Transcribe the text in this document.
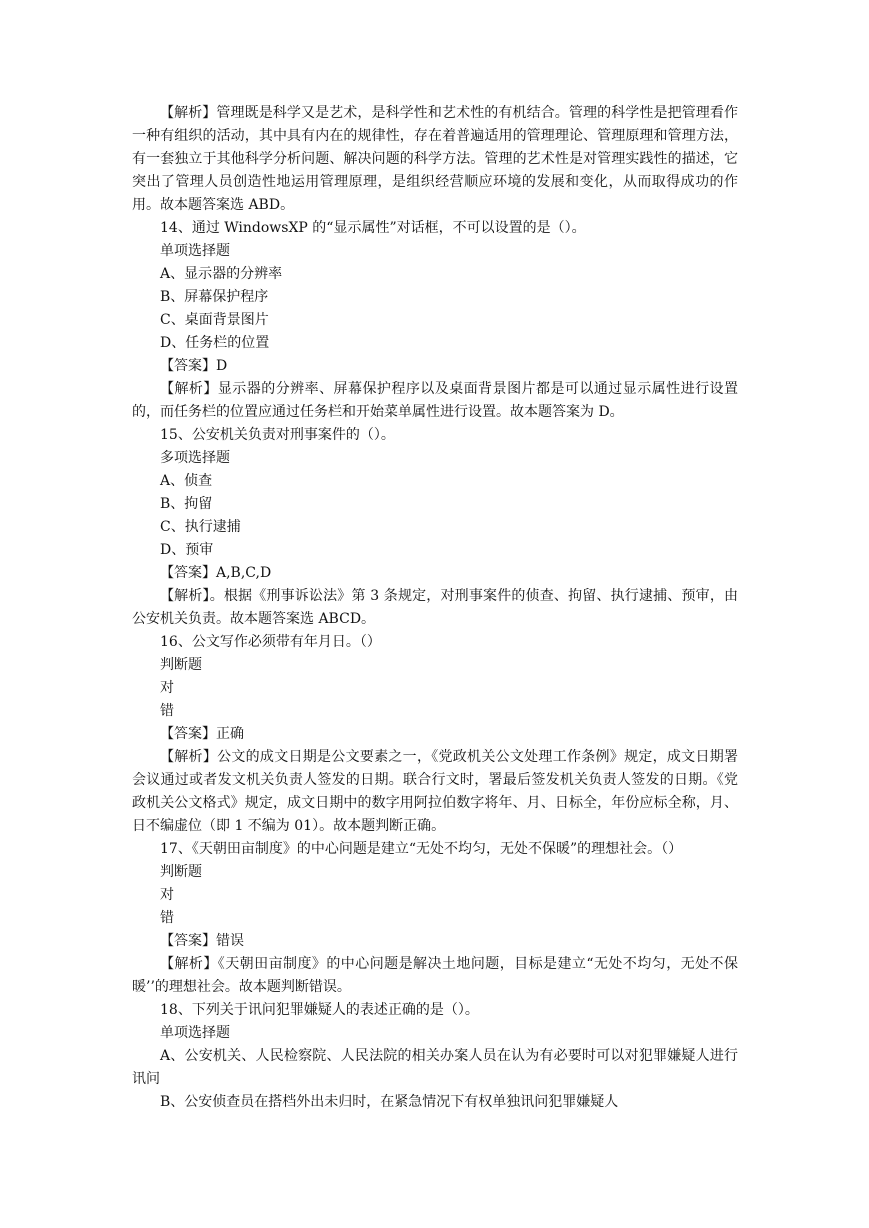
【解析】管理既是科学又是艺术，是科学性和艺术性的有机结合。管理的科学性是把管理看作一种有组织的活动，其中具有内在的规律性，存在着普遍适用的管理理论、管理原理和管理方法，有一套独立于其他科学分析问题、解决问题的科学方法。管理的艺术性是对管理实践性的描述，它突出了管理人员创造性地运用管理原理，是组织经营顺应环境的发展和变化，从而取得成功的作用。故本题答案选 ABD。

14、通过 WindowsXP 的“显示属性”对话框，不可以设置的是（）。

单项选择题

A、显示器的分辨率

B、屏幕保护程序

C、桌面背景图片

D、任务栏的位置

【答案】D

【解析】显示器的分辨率、屏幕保护程序以及桌面背景图片都是可以通过显示属性进行设置的，而任务栏的位置应通过任务栏和开始菜单属性进行设置。故本题答案为 D。

15、公安机关负责对刑事案件的（）。

多项选择题

A、侦查

B、拘留

C、执行逮捕

D、预审

【答案】A,B,C,D

【解析】。根据《刑事诉讼法》第 3 条规定，对刑事案件的侦查、拘留、执行逮捕、预审，由公安机关负责。故本题答案选 ABCD。

16、公文写作必须带有年月日。（）

判断题

对

错

【答案】正确

【解析】公文的成文日期是公文要素之一，《党政机关公文处理工作条例》规定，成文日期署会议通过或者发文机关负责人签发的日期。联合行文时，署最后签发机关负责人签发的日期。《党政机关公文格式》规定，成文日期中的数字用阿拉伯数字将年、月、日标全，年份应标全称，月、日不编虚位（即 1 不编为 01）。故本题判断正确。

17、《天朝田亩制度》的中心问题是建立“无处不均匀，无处不保暖”的理想社会。（）

判断题

对

错

【答案】错误

【解析】《天朝田亩制度》的中心问题是解决土地问题，目标是建立“无处不均匀，无处不保暖’’的理想社会。故本题判断错误。

18、下列关于讯问犯罪嫌疑人的表述正确的是（）。

单项选择题

A、公安机关、人民检察院、人民法院的相关办案人员在认为有必要时可以对犯罪嫌疑人进行讯问

B、公安侦查员在搭档外出未归时，在紧急情况下有权单独讯问犯罪嫌疑人
